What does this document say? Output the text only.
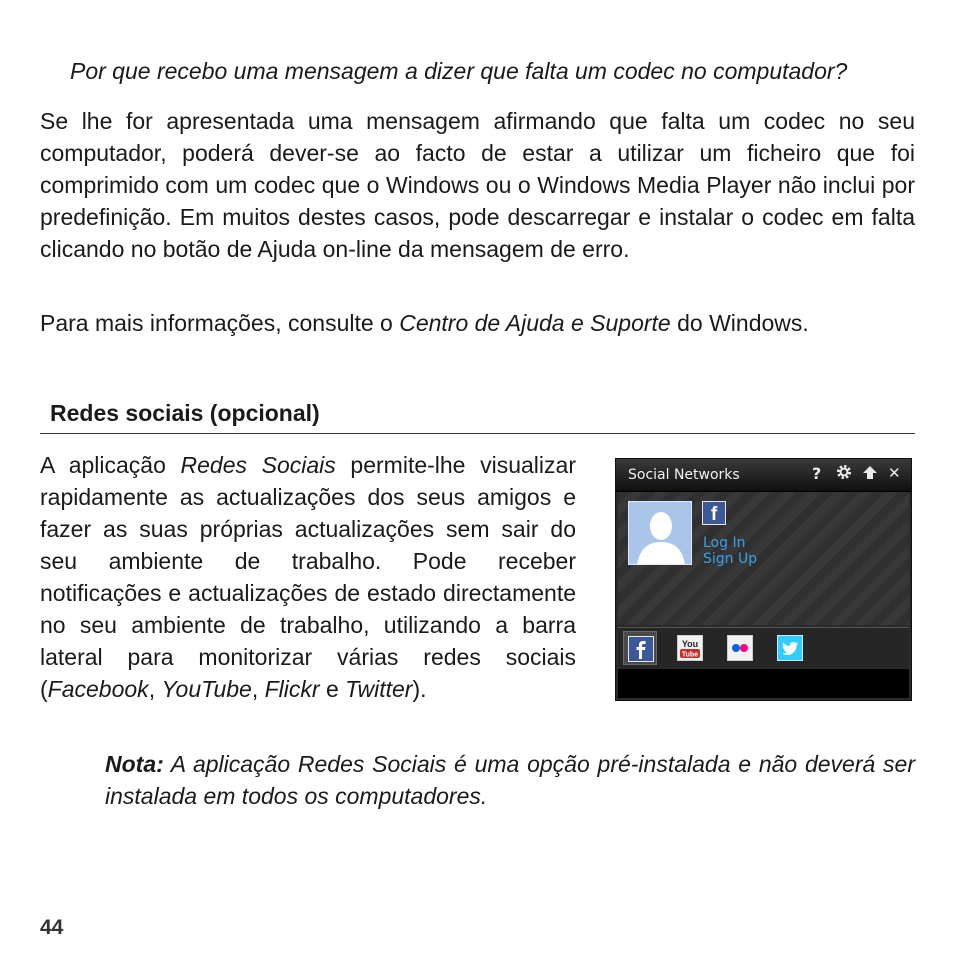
Por que recebo uma mensagem a dizer que falta um codec no computador?

Se lhe for apresentada uma mensagem afirmando que falta um codec no seu computador, poderá dever-se ao facto de estar a utilizar um ficheiro que foi comprimido com um codec que o Windows ou o Windows Media Player não inclui por predefinição. Em muitos destes casos, pode descarregar e instalar o codec em falta clicando no botão de Ajuda on-line da mensagem de erro.

Para mais informações, consulte o Centro de Ajuda e Suporte do Windows.
Redes sociais (opcional)
A aplicação Redes Sociais permite-lhe visualizar rapidamente as actualizações dos seus amigos e fazer as suas próprias actualizações sem sair do seu ambiente de trabalho. Pode receber notificações e actualizações de estado directamente no seu ambiente de trabalho, utilizando a barra lateral para monitorizar várias redes sociais (Facebook, YouTube, Flickr e Twitter).
Nota: A aplicação Redes Sociais é uma opção pré-instalada e não deverá ser instalada em todos os computadores.
44
Social Networks	?	✕
f
Log In
Sign Up
You
Tube
